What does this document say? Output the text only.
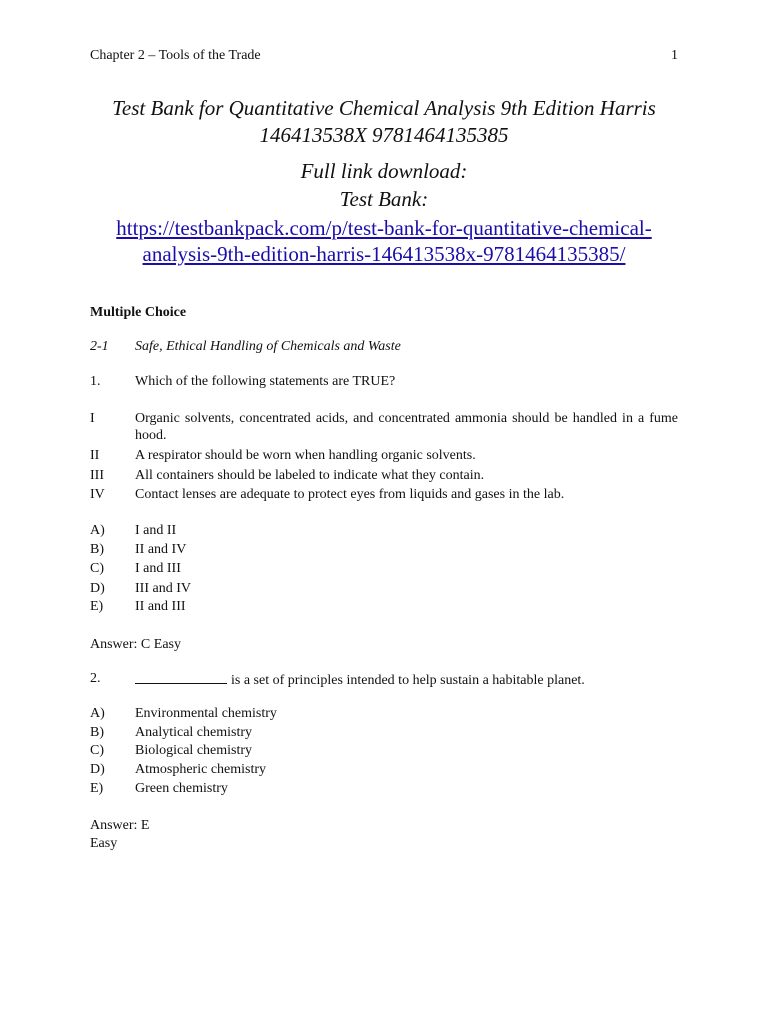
Chapter 2 – Tools of the Trade	1
Test Bank for Quantitative Chemical Analysis 9th Edition Harris
146413538X 9781464135385
Full link download:
Test Bank:
https://testbankpack.com/p/test-bank-for-quantitative-chemical-
analysis-9th-edition-harris-146413538x-9781464135385/
Multiple Choice
2-1 Safe, Ethical Handling of Chemicals and Waste
1. Which of the following statements are TRUE?
I	Organic solvents, concentrated acids, and concentrated ammonia should be handled in a fume hood.
II	A respirator should be worn when handling organic solvents.
III All containers should be labeled to indicate what they contain.
IV Contact lenses are adequate to protect eyes from liquids and gases in the lab.
A) I and II
B) II and IV
C) I and III
D) III and IV
E) II and III
Answer: C Easy
2.	is a set of principles intended to help sustain a habitable planet.
A) Environmental chemistry
B) Analytical chemistry
C) Biological chemistry
D) Atmospheric chemistry
E) Green chemistry
Answer: E
Easy
